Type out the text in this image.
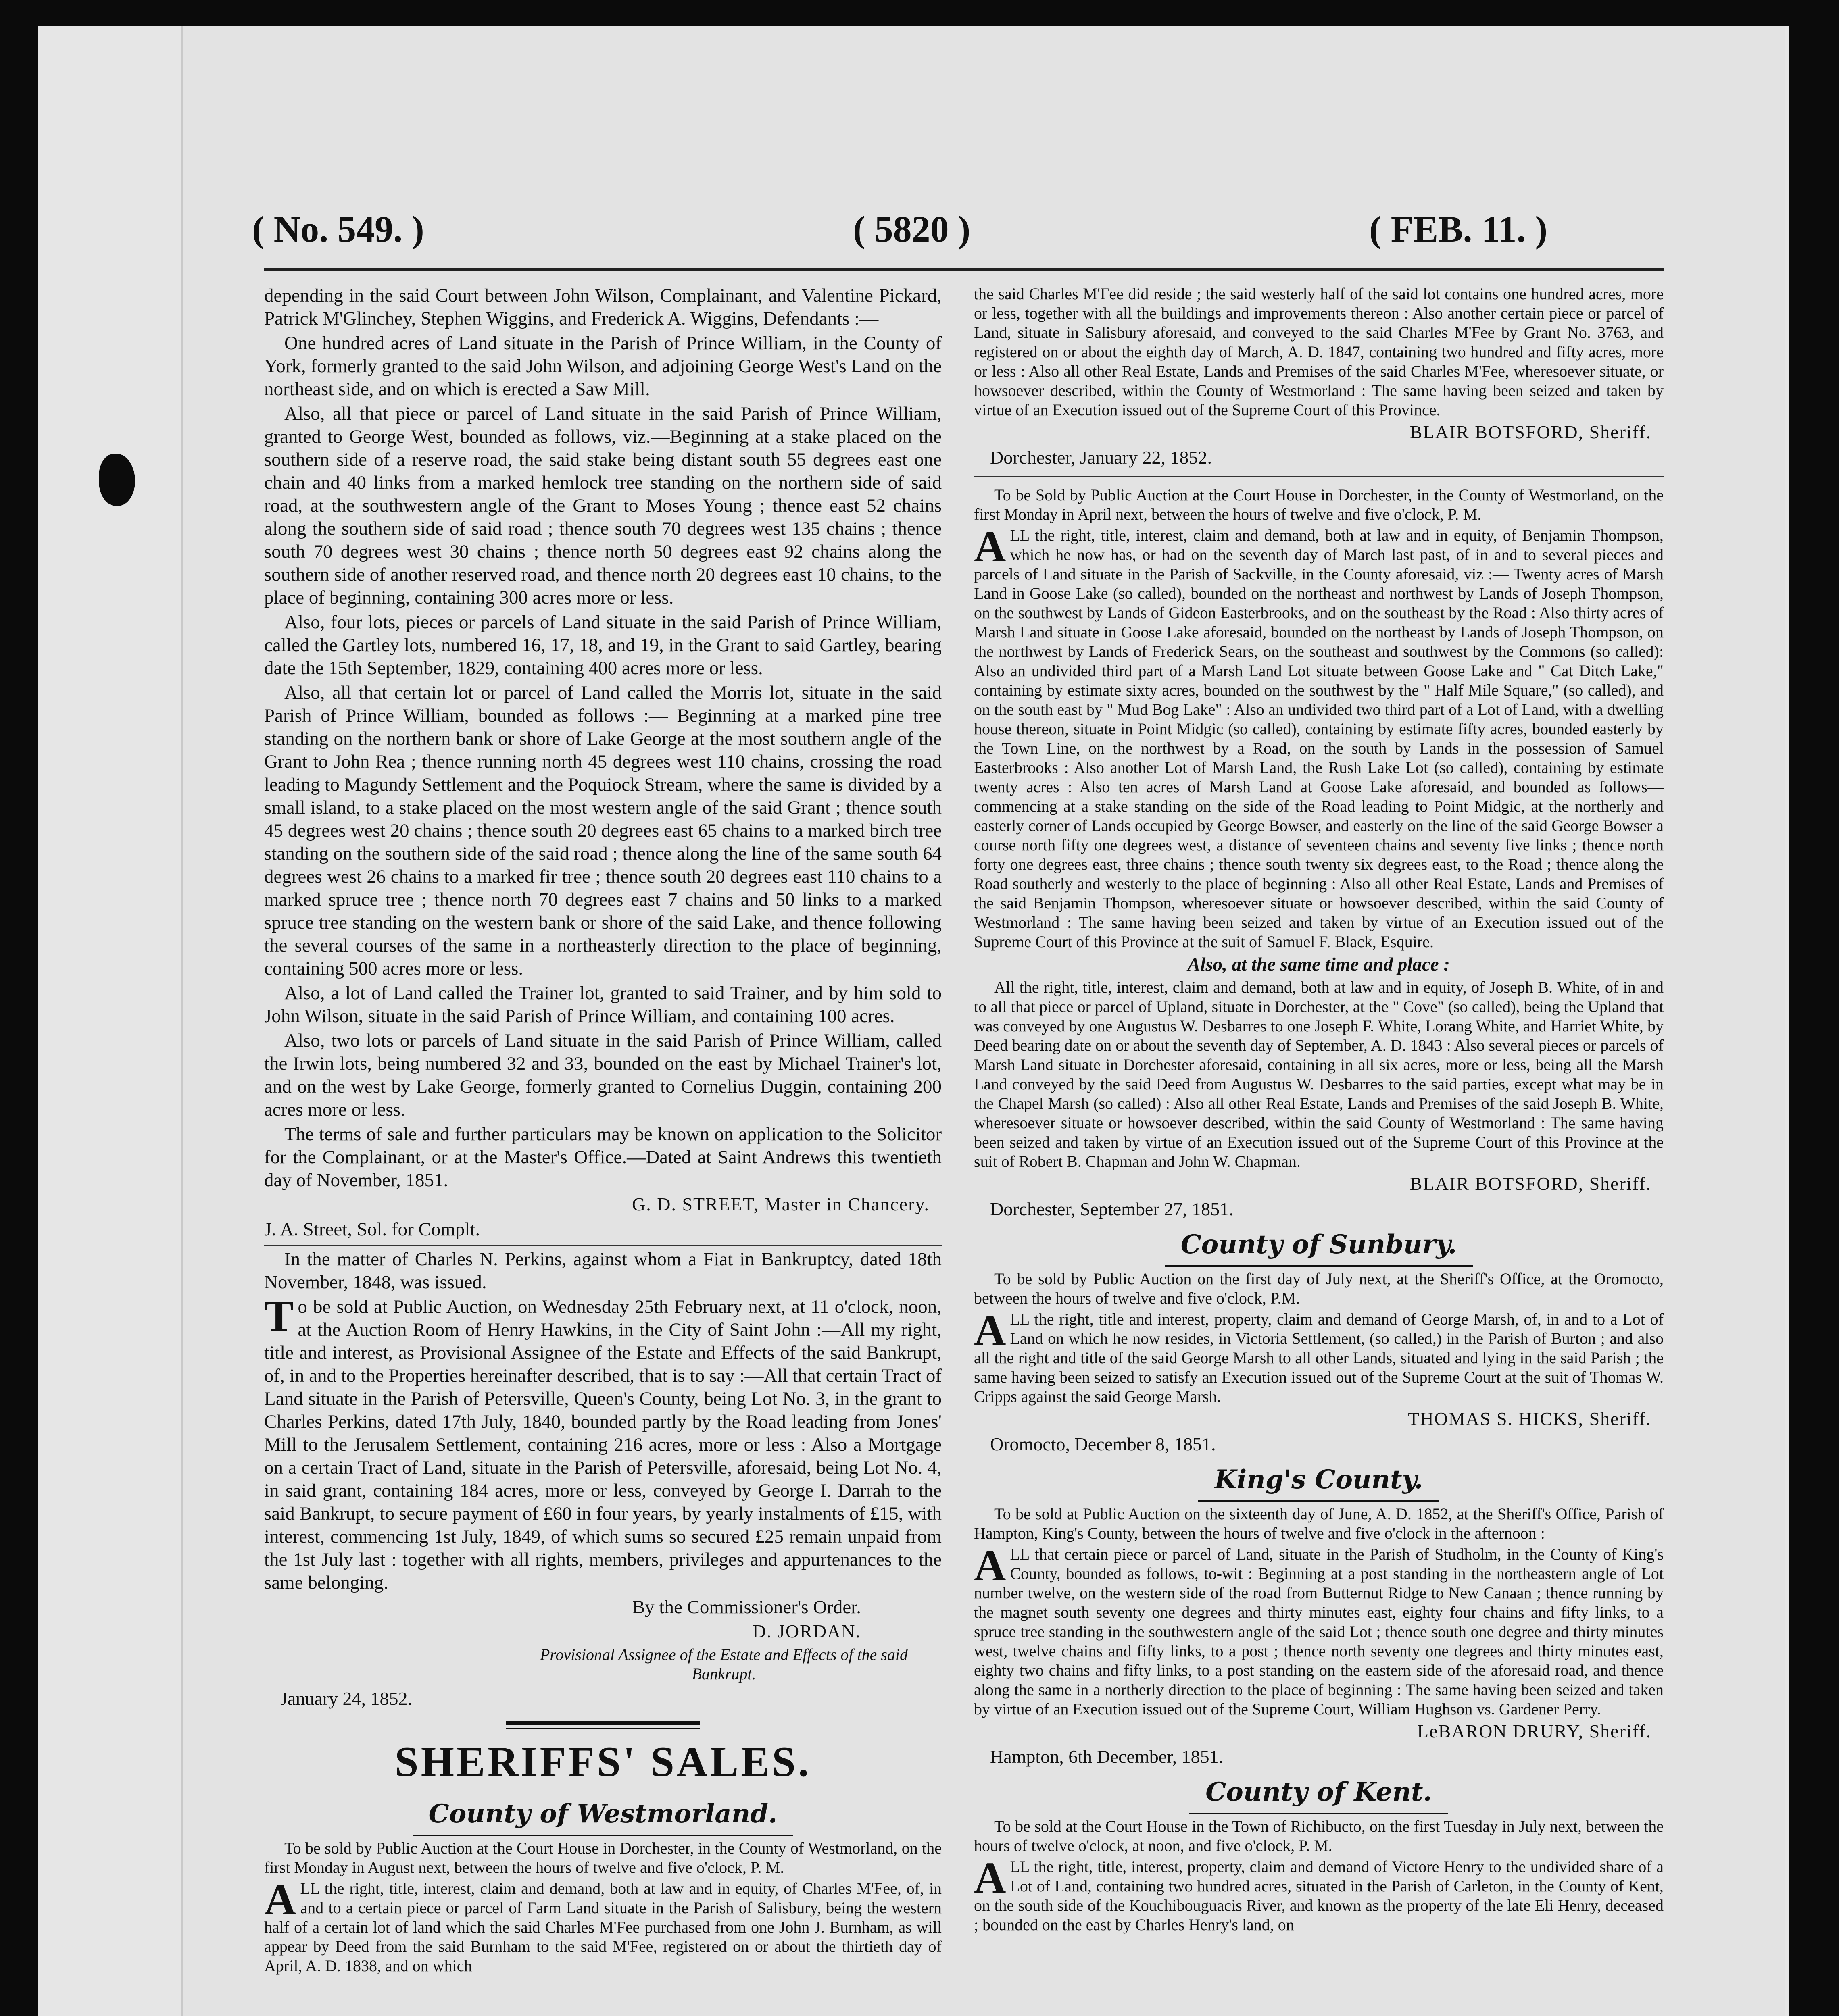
( No. 549. )	( 5820 )	( FEB. 11. )

depending in the said Court between John Wilson, Complainant, and Valentine Pickard, Patrick M'Glinchey, Stephen Wiggins, and Frederick A. Wiggins, Defendants :—

One hundred acres of Land situate in the Parish of Prince William, in the County of York, formerly granted to the said John Wilson, and adjoining George West's Land on the northeast side, and on which is erected a Saw Mill.

Also, all that piece or parcel of Land situate in the said Parish of Prince William, granted to George West, bounded as follows, viz.—Beginning at a stake placed on the southern side of a reserve road, the said stake being distant south 55 degrees east one chain and 40 links from a marked hemlock tree standing on the northern side of said road, at the southwestern angle of the Grant to Moses Young ; thence east 52 chains along the southern side of said road ; thence south 70 degrees west 135 chains ; thence south 70 degrees west 30 chains ; thence north 50 degrees east 92 chains along the southern side of another reserved road, and thence north 20 degrees east 10 chains, to the place of beginning, containing 300 acres more or less.

Also, four lots, pieces or parcels of Land situate in the said Parish of Prince William, called the Gartley lots, numbered 16, 17, 18, and 19, in the Grant to said Gartley, bearing date the 15th September, 1829, containing 400 acres more or less.

Also, all that certain lot or parcel of Land called the Morris lot, situate in the said Parish of Prince William, bounded as follows :— Beginning at a marked pine tree standing on the northern bank or shore of Lake George at the most southern angle of the Grant to John Rea ; thence running north 45 degrees west 110 chains, crossing the road leading to Magundy Settlement and the Poquiock Stream, where the same is divided by a small island, to a stake placed on the most western angle of the said Grant ; thence south 45 degrees west 20 chains ; thence south 20 degrees east 65 chains to a marked birch tree standing on the southern side of the said road ; thence along the line of the same south 64 degrees west 26 chains to a marked fir tree ; thence south 20 degrees east 110 chains to a marked spruce tree ; thence north 70 degrees east 7 chains and 50 links to a marked spruce tree standing on the western bank or shore of the said Lake, and thence following the several courses of the same in a northeasterly direction to the place of beginning, containing 500 acres more or less.

Also, a lot of Land called the Trainer lot, granted to said Trainer, and by him sold to John Wilson, situate in the said Parish of Prince William, and containing 100 acres.

Also, two lots or parcels of Land situate in the said Parish of Prince William, called the Irwin lots, being numbered 32 and 33, bounded on the east by Michael Trainer's lot, and on the west by Lake George, formerly granted to Cornelius Duggin, containing 200 acres more or less.

The terms of sale and further particulars may be known on application to the Solicitor for the Complainant, or at the Master's Office.—Dated at Saint Andrews this twentieth day of November, 1851.

G. D. STREET, Master in Chancery.

J. A. Street, Sol. for Complt.

In the matter of Charles N. Perkins, against whom a Fiat in Bankruptcy, dated 18th November, 1848, was issued.

To be sold at Public Auction, on Wednesday 25th February next, at 11 o'clock, noon, at the Auction Room of Henry Hawkins, in the City of Saint John :—All my right, title and interest, as Provisional Assignee of the Estate and Effects of the said Bankrupt, of, in and to the Properties hereinafter described, that is to say :—All that certain Tract of Land situate in the Parish of Petersville, Queen's County, being Lot No. 3, in the grant to Charles Perkins, dated 17th July, 1840, bounded partly by the Road leading from Jones' Mill to the Jerusalem Settlement, containing 216 acres, more or less : Also a Mortgage on a certain Tract of Land, situate in the Parish of Petersville, aforesaid, being Lot No. 4, in said grant, containing 184 acres, more or less, conveyed by George I. Darrah to the said Bankrupt, to secure payment of £60 in four years, by yearly instalments of £15, with interest, commencing 1st July, 1849, of which sums so secured £25 remain unpaid from the 1st July last : together with all rights, members, privileges and appurtenances to the same belonging.

By the Commissioner's Order.

D. JORDAN.

Provisional Assignee of the Estate and Effects of the said Bankrupt.

January 24, 1852.

SHERIFFS' SALES.
County of Westmorland.

To be sold by Public Auction at the Court House in Dorchester, in the County of Westmorland, on the first Monday in August next, between the hours of twelve and five o'clock, P. M.

ALL the right, title, interest, claim and demand, both at law and in equity, of Charles M'Fee, of, in and to a certain piece or parcel of Farm Land situate in the Parish of Salisbury, being the western half of a certain lot of land which the said Charles M'Fee purchased from one John J. Burnham, as will appear by Deed from the said Burnham to the said M'Fee, registered on or about the thirtieth day of April, A. D. 1838, and on which

the said Charles M'Fee did reside ; the said westerly half of the said lot contains one hundred acres, more or less, together with all the buildings and improvements thereon : Also another certain piece or parcel of Land, situate in Salisbury aforesaid, and conveyed to the said Charles M'Fee by Grant No. 3763, and registered on or about the eighth day of March, A. D. 1847, containing two hundred and fifty acres, more or less : Also all other Real Estate, Lands and Premises of the said Charles M'Fee, wheresoever situate, or howsoever described, within the County of Westmorland : The same having been seized and taken by virtue of an Execution issued out of the Supreme Court of this Province.

BLAIR BOTSFORD, Sheriff.

Dorchester, January 22, 1852.

To be Sold by Public Auction at the Court House in Dorchester, in the County of Westmorland, on the first Monday in April next, between the hours of twelve and five o'clock, P. M.

ALL the right, title, interest, claim and demand, both at law and in equity, of Benjamin Thompson, which he now has, or had on the seventh day of March last past, of in and to several pieces and parcels of Land situate in the Parish of Sackville, in the County aforesaid, viz :— Twenty acres of Marsh Land in Goose Lake (so called), bounded on the northeast and northwest by Lands of Joseph Thompson, on the southwest by Lands of Gideon Easterbrooks, and on the southeast by the Road : Also thirty acres of Marsh Land situate in Goose Lake aforesaid, bounded on the northeast by Lands of Joseph Thompson, on the northwest by Lands of Frederick Sears, on the southeast and southwest by the Commons (so called): Also an undivided third part of a Marsh Land Lot situate between Goose Lake and " Cat Ditch Lake," containing by estimate sixty acres, bounded on the southwest by the " Half Mile Square," (so called), and on the south east by " Mud Bog Lake" : Also an undivided two third part of a Lot of Land, with a dwelling house thereon, situate in Point Midgic (so called), containing by estimate fifty acres, bounded easterly by the Town Line, on the northwest by a Road, on the south by Lands in the possession of Samuel Easterbrooks : Also another Lot of Marsh Land, the Rush Lake Lot (so called), containing by estimate twenty acres : Also ten acres of Marsh Land at Goose Lake aforesaid, and bounded as follows—commencing at a stake standing on the side of the Road leading to Point Midgic, at the northerly and easterly corner of Lands occupied by George Bowser, and easterly on the line of the said George Bowser a course north fifty one degrees west, a distance of seventeen chains and seventy five links ; thence north forty one degrees east, three chains ; thence south twenty six degrees east, to the Road ; thence along the Road southerly and westerly to the place of beginning : Also all other Real Estate, Lands and Premises of the said Benjamin Thompson, wheresoever situate or howsoever described, within the said County of Westmorland : The same having been seized and taken by virtue of an Execution issued out of the Supreme Court of this Province at the suit of Samuel F. Black, Esquire.

Also, at the same time and place :

All the right, title, interest, claim and demand, both at law and in equity, of Joseph B. White, of in and to all that piece or parcel of Upland, situate in Dorchester, at the " Cove" (so called), being the Upland that was conveyed by one Augustus W. Desbarres to one Joseph F. White, Lorang White, and Harriet White, by Deed bearing date on or about the seventh day of September, A. D. 1843 : Also several pieces or parcels of Marsh Land situate in Dorchester aforesaid, containing in all six acres, more or less, being all the Marsh Land conveyed by the said Deed from Augustus W. Desbarres to the said parties, except what may be in the Chapel Marsh (so called) : Also all other Real Estate, Lands and Premises of the said Joseph B. White, wheresoever situate or howsoever described, within the said County of Westmorland : The same having been seized and taken by virtue of an Execution issued out of the Supreme Court of this Province at the suit of Robert B. Chapman and John W. Chapman.

BLAIR BOTSFORD, Sheriff.

Dorchester, September 27, 1851.

County of Sunbury.

To be sold by Public Auction on the first day of July next, at the Sheriff's Office, at the Oromocto, between the hours of twelve and five o'clock, P.M.

ALL the right, title and interest, property, claim and demand of George Marsh, of, in and to a Lot of Land on which he now resides, in Victoria Settlement, (so called,) in the Parish of Burton ; and also all the right and title of the said George Marsh to all other Lands, situated and lying in the said Parish ; the same having been seized to satisfy an Execution issued out of the Supreme Court at the suit of Thomas W. Cripps against the said George Marsh.

THOMAS S. HICKS, Sheriff.

Oromocto, December 8, 1851.

King's County.

To be sold at Public Auction on the sixteenth day of June, A. D. 1852, at the Sheriff's Office, Parish of Hampton, King's County, between the hours of twelve and five o'clock in the afternoon :

ALL that certain piece or parcel of Land, situate in the Parish of Studholm, in the County of King's County, bounded as follows, to-wit : Beginning at a post standing in the northeastern angle of Lot number twelve, on the western side of the road from Butternut Ridge to New Canaan ; thence running by the magnet south seventy one degrees and thirty minutes east, eighty four chains and fifty links, to a spruce tree standing in the southwestern angle of the said Lot ; thence south one degree and thirty minutes west, twelve chains and fifty links, to a post ; thence north seventy one degrees and thirty minutes east, eighty two chains and fifty links, to a post standing on the eastern side of the aforesaid road, and thence along the same in a northerly direction to the place of beginning : The same having been seized and taken by virtue of an Execution issued out of the Supreme Court, William Hughson vs. Gardener Perry.

LeBARON DRURY, Sheriff.

Hampton, 6th December, 1851.

County of Kent.

To be sold at the Court House in the Town of Richibucto, on the first Tuesday in July next, between the hours of twelve o'clock, at noon, and five o'clock, P. M.

ALL the right, title, interest, property, claim and demand of Victore Henry to the undivided share of a Lot of Land, containing two hundred acres, situated in the Parish of Carleton, in the County of Kent, on the south side of the Kouchibouguacis River, and known as the property of the late Eli Henry, deceased ; bounded on the east by Charles Henry's land, on
